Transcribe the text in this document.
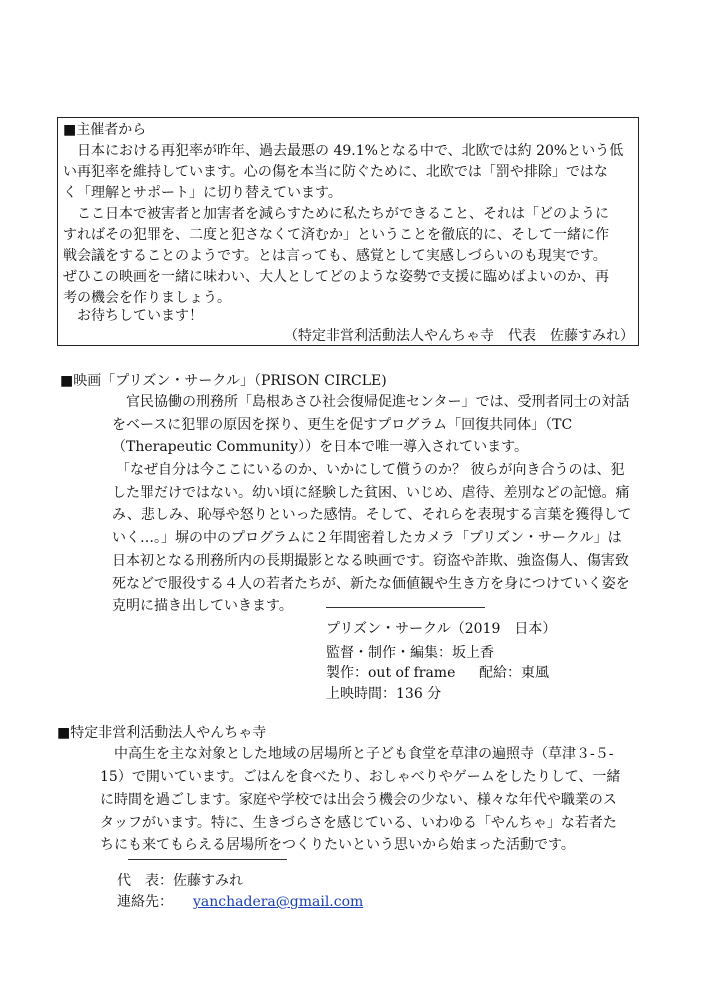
■主催者から
日本における再犯率が昨年、過去最悪の 49.1%となる中で、北欧では約 20%という低
い再犯率を維持しています。心の傷を本当に防ぐために、北欧では「罰や排除」ではな
く「理解とサポート」に切り替えています。
ここ日本で被害者と加害者を減らすために私たちができること、それは「どのように
すればその犯罪を、二度と犯さなくて済むか」ということを徹底的に、そして一緒に作
戦会議をすることのようです。とは言っても、感覚として実感しづらいのも現実です。
ぜひこの映画を一緒に味わい、大人としてどのような姿勢で支援に臨めばよいのか、再
考の機会を作りましょう。
お待ちしています！
（特定非営利活動法人やんちゃ寺　代表　佐藤すみれ）
■映画「プリズン・サークル」（PRISON CIRCLE)
官民協働の刑務所「島根あさひ社会復帰促進センター」では、受刑者同士の対話
をベースに犯罪の原因を探り、更生を促すプログラム「回復共同体」（TC
（Therapeutic Community））を日本で唯一導入されています。
「なぜ自分は今ここにいるのか、いかにして償うのか？ 彼らが向き合うのは、犯
した罪だけではない。幼い頃に経験した貧困、いじめ、虐待、差別などの記憶。痛
み、悲しみ、恥辱や怒りといった感情。そして、それらを表現する言葉を獲得して
いく…。」塀の中のプログラムに２年間密着したカメラ「プリズン・サークル」は
日本初となる刑務所内の長期撮影となる映画です。窃盗や詐欺、強盗傷人、傷害致
死などで服役する４人の若者たちが、新たな価値観や生き方を身につけていく姿を
克明に描き出していきます。
プリズン・サークル（2019　日本）
監督・制作・編集：坂上香
製作：out of frame 配給：東風
上映時間：136 分
■特定非営利活動法人やんちゃ寺
中高生を主な対象とした地域の居場所と子ども食堂を草津の遍照寺（草津３-５-
15）で開いています。ごはんを食べたり、おしゃべりやゲームをしたりして、一緒
に時間を過ごします。家庭や学校では出会う機会の少ない、様々な年代や職業のス
タッフがいます。特に、生きづらさを感じている、いわゆる「やんちゃ」な若者た
ちにも来てもらえる居場所をつくりたいという思いから始まった活動です。
代　表：佐藤すみれ
連絡先： yanchadera@gmail.com
